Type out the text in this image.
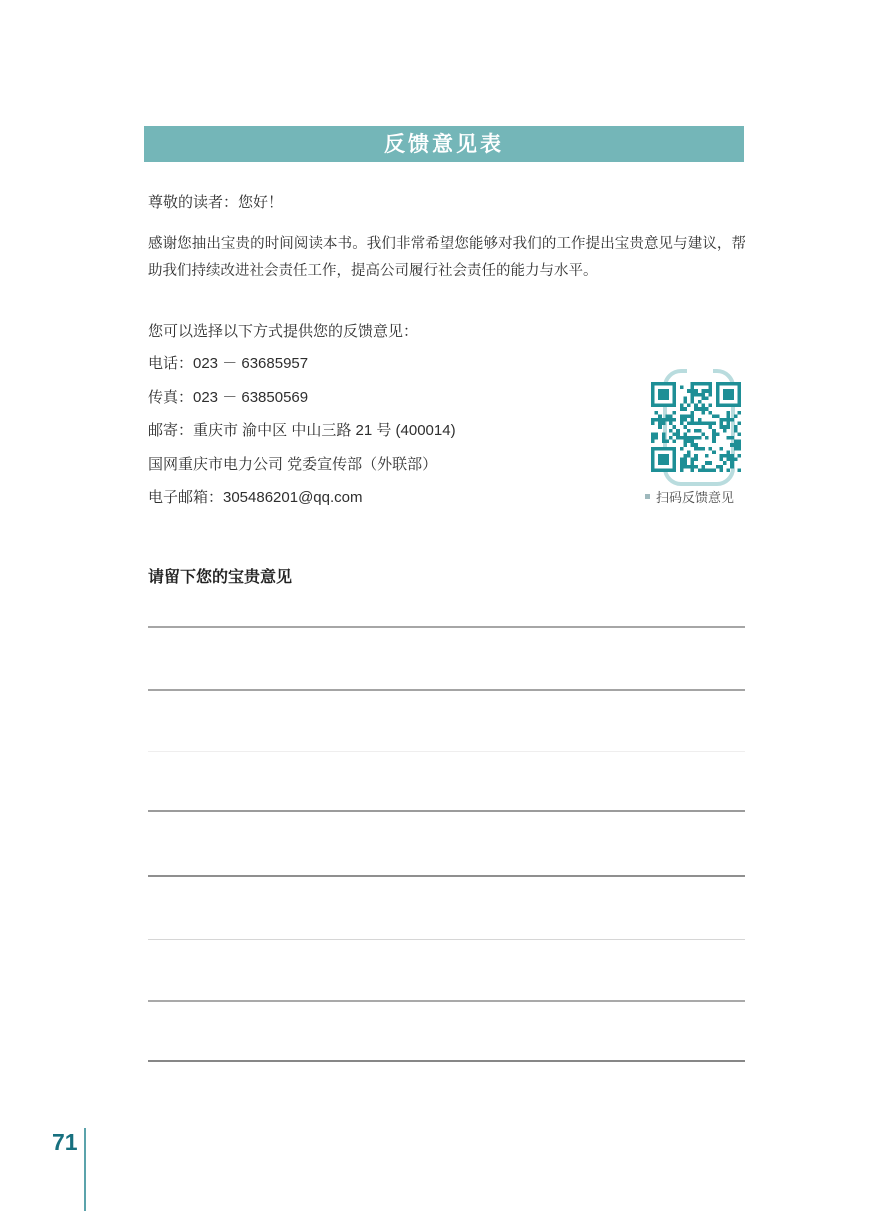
反馈意见表

尊敬的读者：您好！

感谢您抽出宝贵的时间阅读本书。我们非常希望您能够对我们的工作提出宝贵意见与建议，帮助我们持续改进社会责任工作，提高公司履行社会责任的能力与水平。

您可以选择以下方式提供您的反馈意见：

电话：023 － 63685957

传真：023 － 63850569

邮寄：重庆市 渝中区 中山三路 21 号 (400014)

国网重庆市电力公司 党委宣传部（外联部）

电子邮箱：305486201@qq.com	扫码反馈意见

请留下您的宝贵意见

71
